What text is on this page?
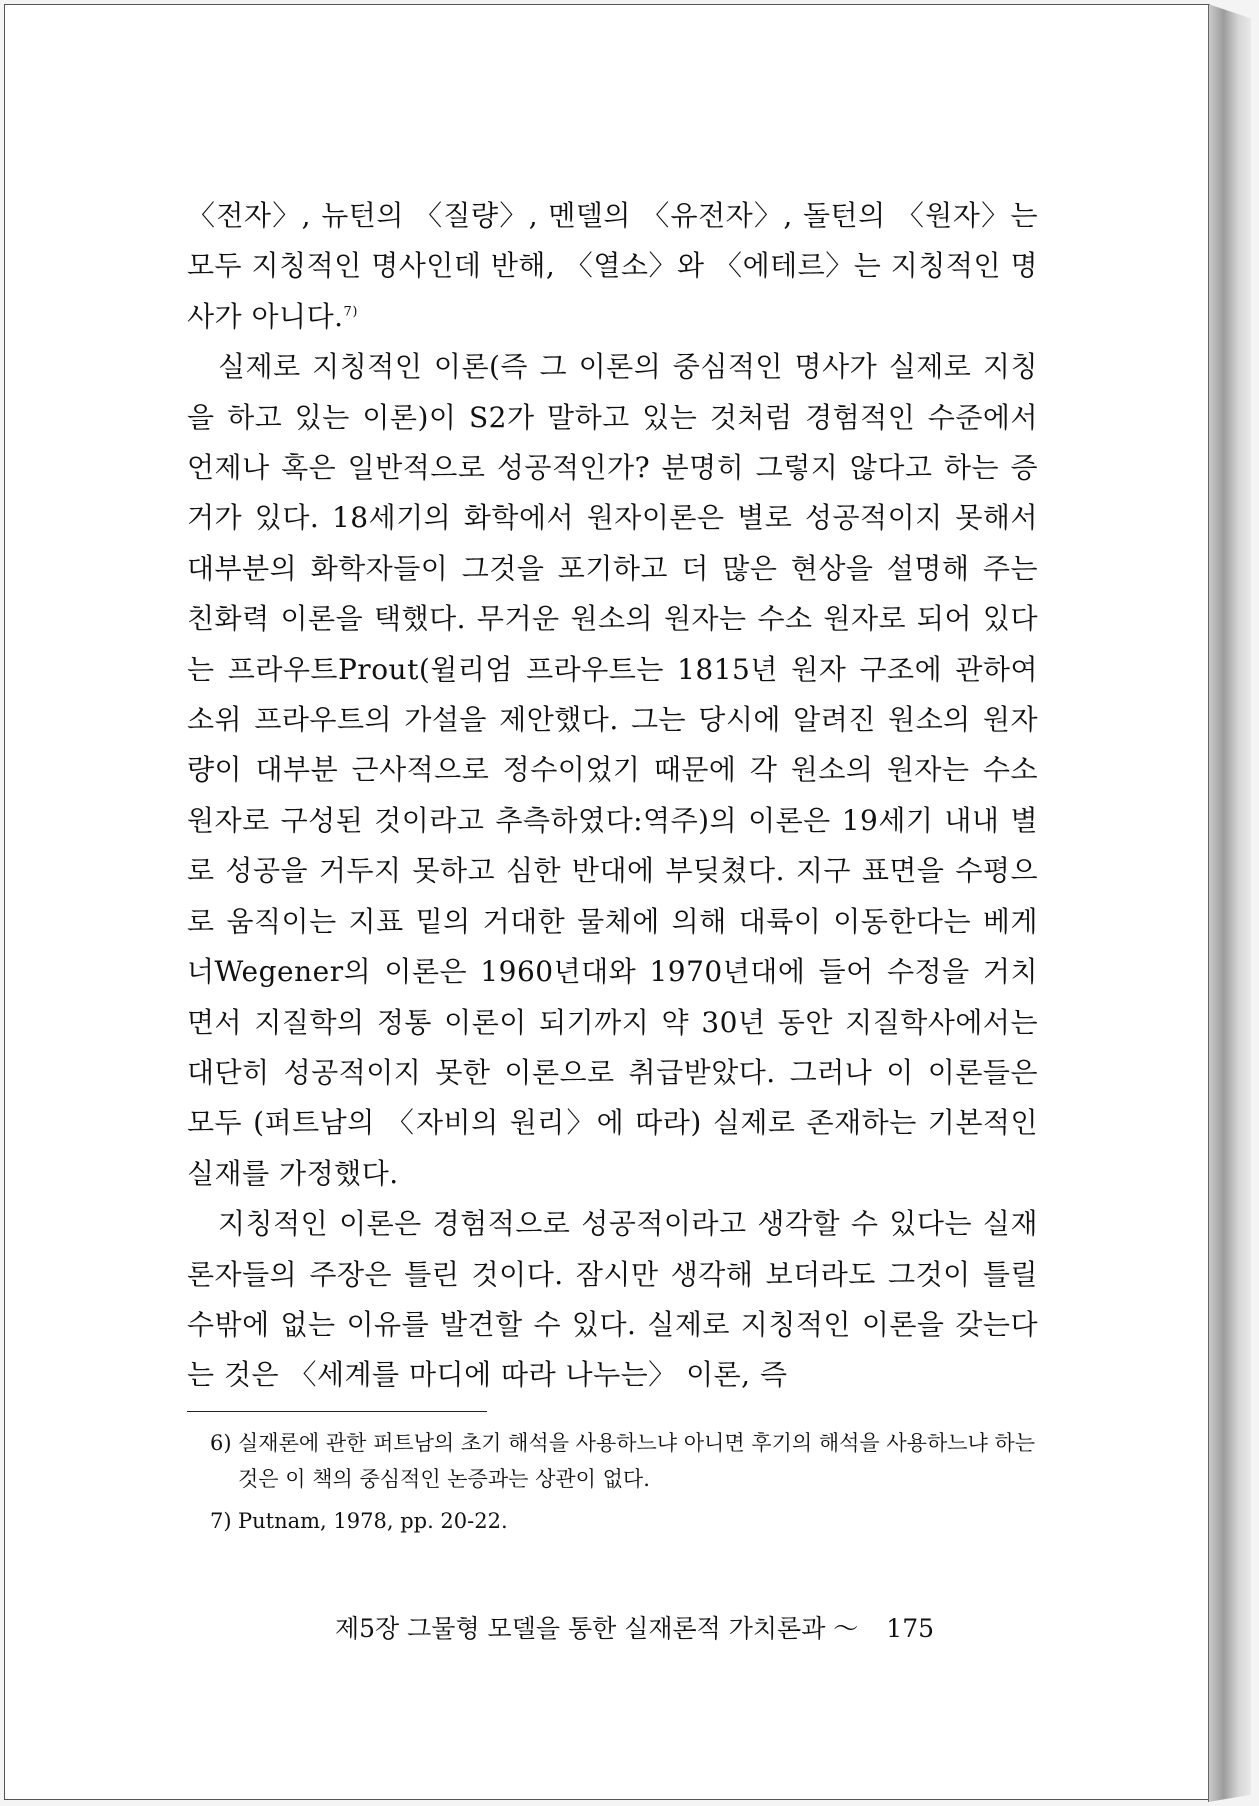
〈전자〉, 뉴턴의 〈질량〉, 멘델의 〈유전자〉, 돌턴의 〈원자〉는 모두 지칭적인 명사인데 반해, 〈열소〉와 〈에테르〉는 지칭적인 명사가 아니다.$^{7)}$

실제로 지칭적인 이론(즉 그 이론의 중심적인 명사가 실제로 지칭을 하고 있는 이론)이 S2가 말하고 있는 것처럼 경험적인 수준에서 언제나 혹은 일반적으로 성공적인가? 분명히 그렇지 않다고 하는 증거가 있다. 18세기의 화학에서 원자이론은 별로 성공적이지 못해서 대부분의 화학자들이 그것을 포기하고 더 많은 현상을 설명해 주는 친화력 이론을 택했다. 무거운 원소의 원자는 수소 원자로 되어 있다는 프라우트Prout(윌리엄 프라우트는 1815년 원자 구조에 관하여 소위 프라우트의 가설을 제안했다. 그는 당시에 알려진 원소의 원자량이 대부분 근사적으로 정수이었기 때문에 각 원소의 원자는 수소 원자로 구성된 것이라고 추측하였다:역주)의 이론은 19세기 내내 별로 성공을 거두지 못하고 심한 반대에 부딪쳤다. 지구 표면을 수평으로 움직이는 지표 밑의 거대한 물체에 의해 대륙이 이동한다는 베게너Wegener의 이론은 1960년대와 1970년대에 들어 수정을 거치면서 지질학의 정통 이론이 되기까지 약 30년 동안 지질학사에서는 대단히 성공적이지 못한 이론으로 취급받았다. 그러나 이 이론들은 모두 (퍼트남의 〈자비의 원리〉에 따라) 실제로 존재하는 기본적인 실재를 가정했다.

지칭적인 이론은 경험적으로 성공적이라고 생각할 수 있다는 실재론자들의 주장은 틀린 것이다. 잠시만 생각해 보더라도 그것이 틀릴 수밖에 없는 이유를 발견할 수 있다. 실제로 지칭적인 이론을 갖는다는 것은 〈세계를 마디에 따라 나누는〉 이론, 즉

6) 실재론에 관한 퍼트남의 초기 해석을 사용하느냐 아니면 후기의 해석을 사용하느냐 하는 것은 이 책의 중심적인 논증과는 상관이 없다.

7) Putnam, 1978, pp. 20-22.

제5장 그물형 모델을 통한 실재론적 가치론과 ～ 175
